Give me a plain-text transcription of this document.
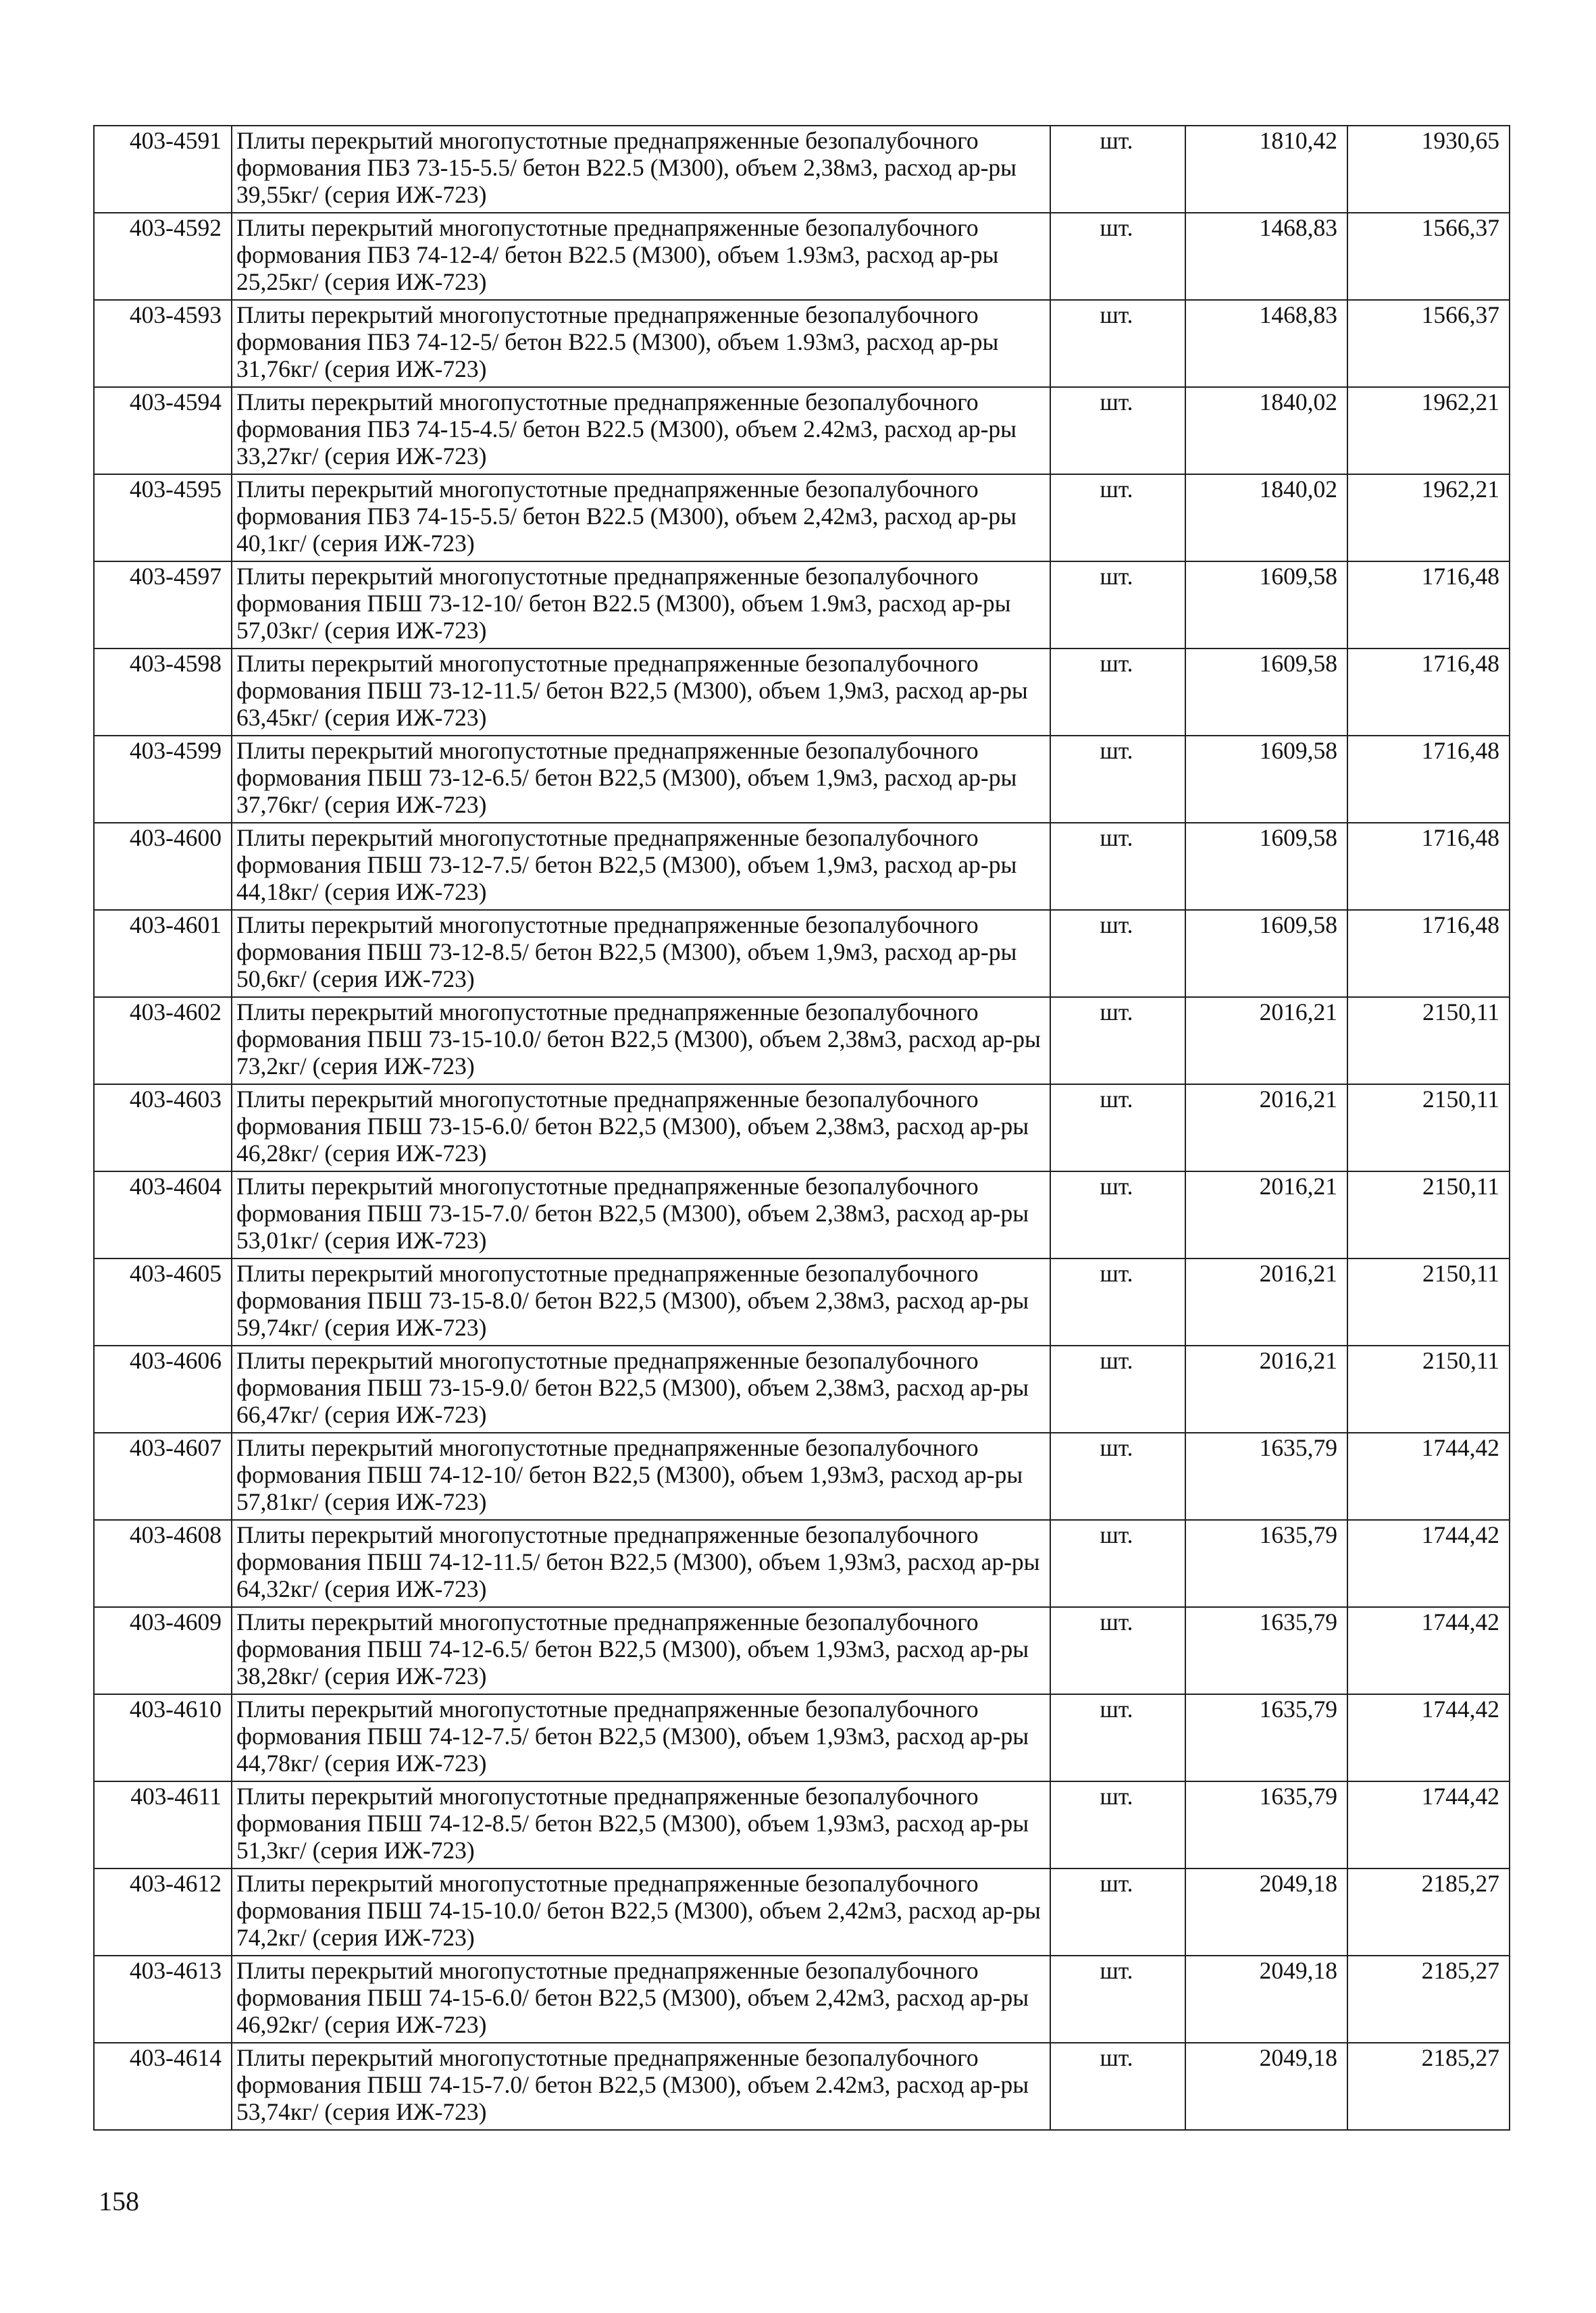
403-4591	Плиты перекрытий многопустотные преднапряженные безопалубочного формования ПБЗ 73-15-5.5/ бетон В22.5 (М300), объем 2,38м3, расход ар-ры 39,55кг/ (серия ИЖ-723)	шт.	1810,42	1930,65
403-4592	Плиты перекрытий многопустотные преднапряженные безопалубочного формования ПБЗ 74-12-4/ бетон В22.5 (М300), объем 1.93м3, расход ар-ры 25,25кг/ (серия ИЖ-723)	шт.	1468,83	1566,37
403-4593	Плиты перекрытий многопустотные преднапряженные безопалубочного формования ПБЗ 74-12-5/ бетон В22.5 (М300), объем 1.93м3, расход ар-ры 31,76кг/ (серия ИЖ-723)	шт.	1468,83	1566,37
403-4594	Плиты перекрытий многопустотные преднапряженные безопалубочного формования ПБЗ 74-15-4.5/ бетон В22.5 (М300), объем 2.42м3, расход ар-ры 33,27кг/ (серия ИЖ-723)	шт.	1840,02	1962,21
403-4595	Плиты перекрытий многопустотные преднапряженные безопалубочного формования ПБЗ 74-15-5.5/ бетон В22.5 (М300), объем 2,42м3, расход ар-ры 40,1кг/ (серия ИЖ-723)	шт.	1840,02	1962,21
403-4597	Плиты перекрытий многопустотные преднапряженные безопалубочного формования ПБШ 73-12-10/ бетон В22.5 (М300), объем 1.9м3, расход ар-ры 57,03кг/ (серия ИЖ-723)	шт.	1609,58	1716,48
403-4598	Плиты перекрытий многопустотные преднапряженные безопалубочного формования ПБШ 73-12-11.5/ бетон В22,5 (М300), объем 1,9м3, расход ар-ры 63,45кг/ (серия ИЖ-723)	шт.	1609,58	1716,48
403-4599	Плиты перекрытий многопустотные преднапряженные безопалубочного формования ПБШ 73-12-6.5/ бетон В22,5 (М300), объем 1,9м3, расход ар-ры 37,76кг/ (серия ИЖ-723)	шт.	1609,58	1716,48
403-4600	Плиты перекрытий многопустотные преднапряженные безопалубочного формования ПБШ 73-12-7.5/ бетон В22,5 (М300), объем 1,9м3, расход ар-ры 44,18кг/ (серия ИЖ-723)	шт.	1609,58	1716,48
403-4601	Плиты перекрытий многопустотные преднапряженные безопалубочного формования ПБШ 73-12-8.5/ бетон В22,5 (М300), объем 1,9м3, расход ар-ры 50,6кг/ (серия ИЖ-723)	шт.	1609,58	1716,48
403-4602	Плиты перекрытий многопустотные преднапряженные безопалубочного формования ПБШ 73-15-10.0/ бетон В22,5 (М300), объем 2,38м3, расход ар-ры 73,2кг/ (серия ИЖ-723)	шт.	2016,21	2150,11
403-4603	Плиты перекрытий многопустотные преднапряженные безопалубочного формования ПБШ 73-15-6.0/ бетон В22,5 (М300), объем 2,38м3, расход ар-ры 46,28кг/ (серия ИЖ-723)	шт.	2016,21	2150,11
403-4604	Плиты перекрытий многопустотные преднапряженные безопалубочного формования ПБШ 73-15-7.0/ бетон В22,5 (М300), объем 2,38м3, расход ар-ры 53,01кг/ (серия ИЖ-723)	шт.	2016,21	2150,11
403-4605	Плиты перекрытий многопустотные преднапряженные безопалубочного формования ПБШ 73-15-8.0/ бетон В22,5 (М300), объем 2,38м3, расход ар-ры 59,74кг/ (серия ИЖ-723)	шт.	2016,21	2150,11
403-4606	Плиты перекрытий многопустотные преднапряженные безопалубочного формования ПБШ 73-15-9.0/ бетон В22,5 (М300), объем 2,38м3, расход ар-ры 66,47кг/ (серия ИЖ-723)	шт.	2016,21	2150,11
403-4607	Плиты перекрытий многопустотные преднапряженные безопалубочного формования ПБШ 74-12-10/ бетон В22,5 (М300), объем 1,93м3, расход ар-ры 57,81кг/ (серия ИЖ-723)	шт.	1635,79	1744,42
403-4608	Плиты перекрытий многопустотные преднапряженные безопалубочного формования ПБШ 74-12-11.5/ бетон В22,5 (М300), объем 1,93м3, расход ар-ры 64,32кг/ (серия ИЖ-723)	шт.	1635,79	1744,42
403-4609	Плиты перекрытий многопустотные преднапряженные безопалубочного формования ПБШ 74-12-6.5/ бетон В22,5 (М300), объем 1,93м3, расход ар-ры 38,28кг/ (серия ИЖ-723)	шт.	1635,79	1744,42
403-4610	Плиты перекрытий многопустотные преднапряженные безопалубочного формования ПБШ 74-12-7.5/ бетон В22,5 (М300), объем 1,93м3, расход ар-ры 44,78кг/ (серия ИЖ-723)	шт.	1635,79	1744,42
403-4611	Плиты перекрытий многопустотные преднапряженные безопалубочного формования ПБШ 74-12-8.5/ бетон В22,5 (М300), объем 1,93м3, расход ар-ры 51,3кг/ (серия ИЖ-723)	шт.	1635,79	1744,42
403-4612	Плиты перекрытий многопустотные преднапряженные безопалубочного формования ПБШ 74-15-10.0/ бетон В22,5 (М300), объем 2,42м3, расход ар-ры 74,2кг/ (серия ИЖ-723)	шт.	2049,18	2185,27
403-4613	Плиты перекрытий многопустотные преднапряженные безопалубочного формования ПБШ 74-15-6.0/ бетон В22,5 (М300), объем 2,42м3, расход ар-ры 46,92кг/ (серия ИЖ-723)	шт.	2049,18	2185,27
403-4614	Плиты перекрытий многопустотные преднапряженные безопалубочного формования ПБШ 74-15-7.0/ бетон В22,5 (М300), объем 2.42м3, расход ар-ры 53,74кг/ (серия ИЖ-723)	шт.	2049,18	2185,27
158
